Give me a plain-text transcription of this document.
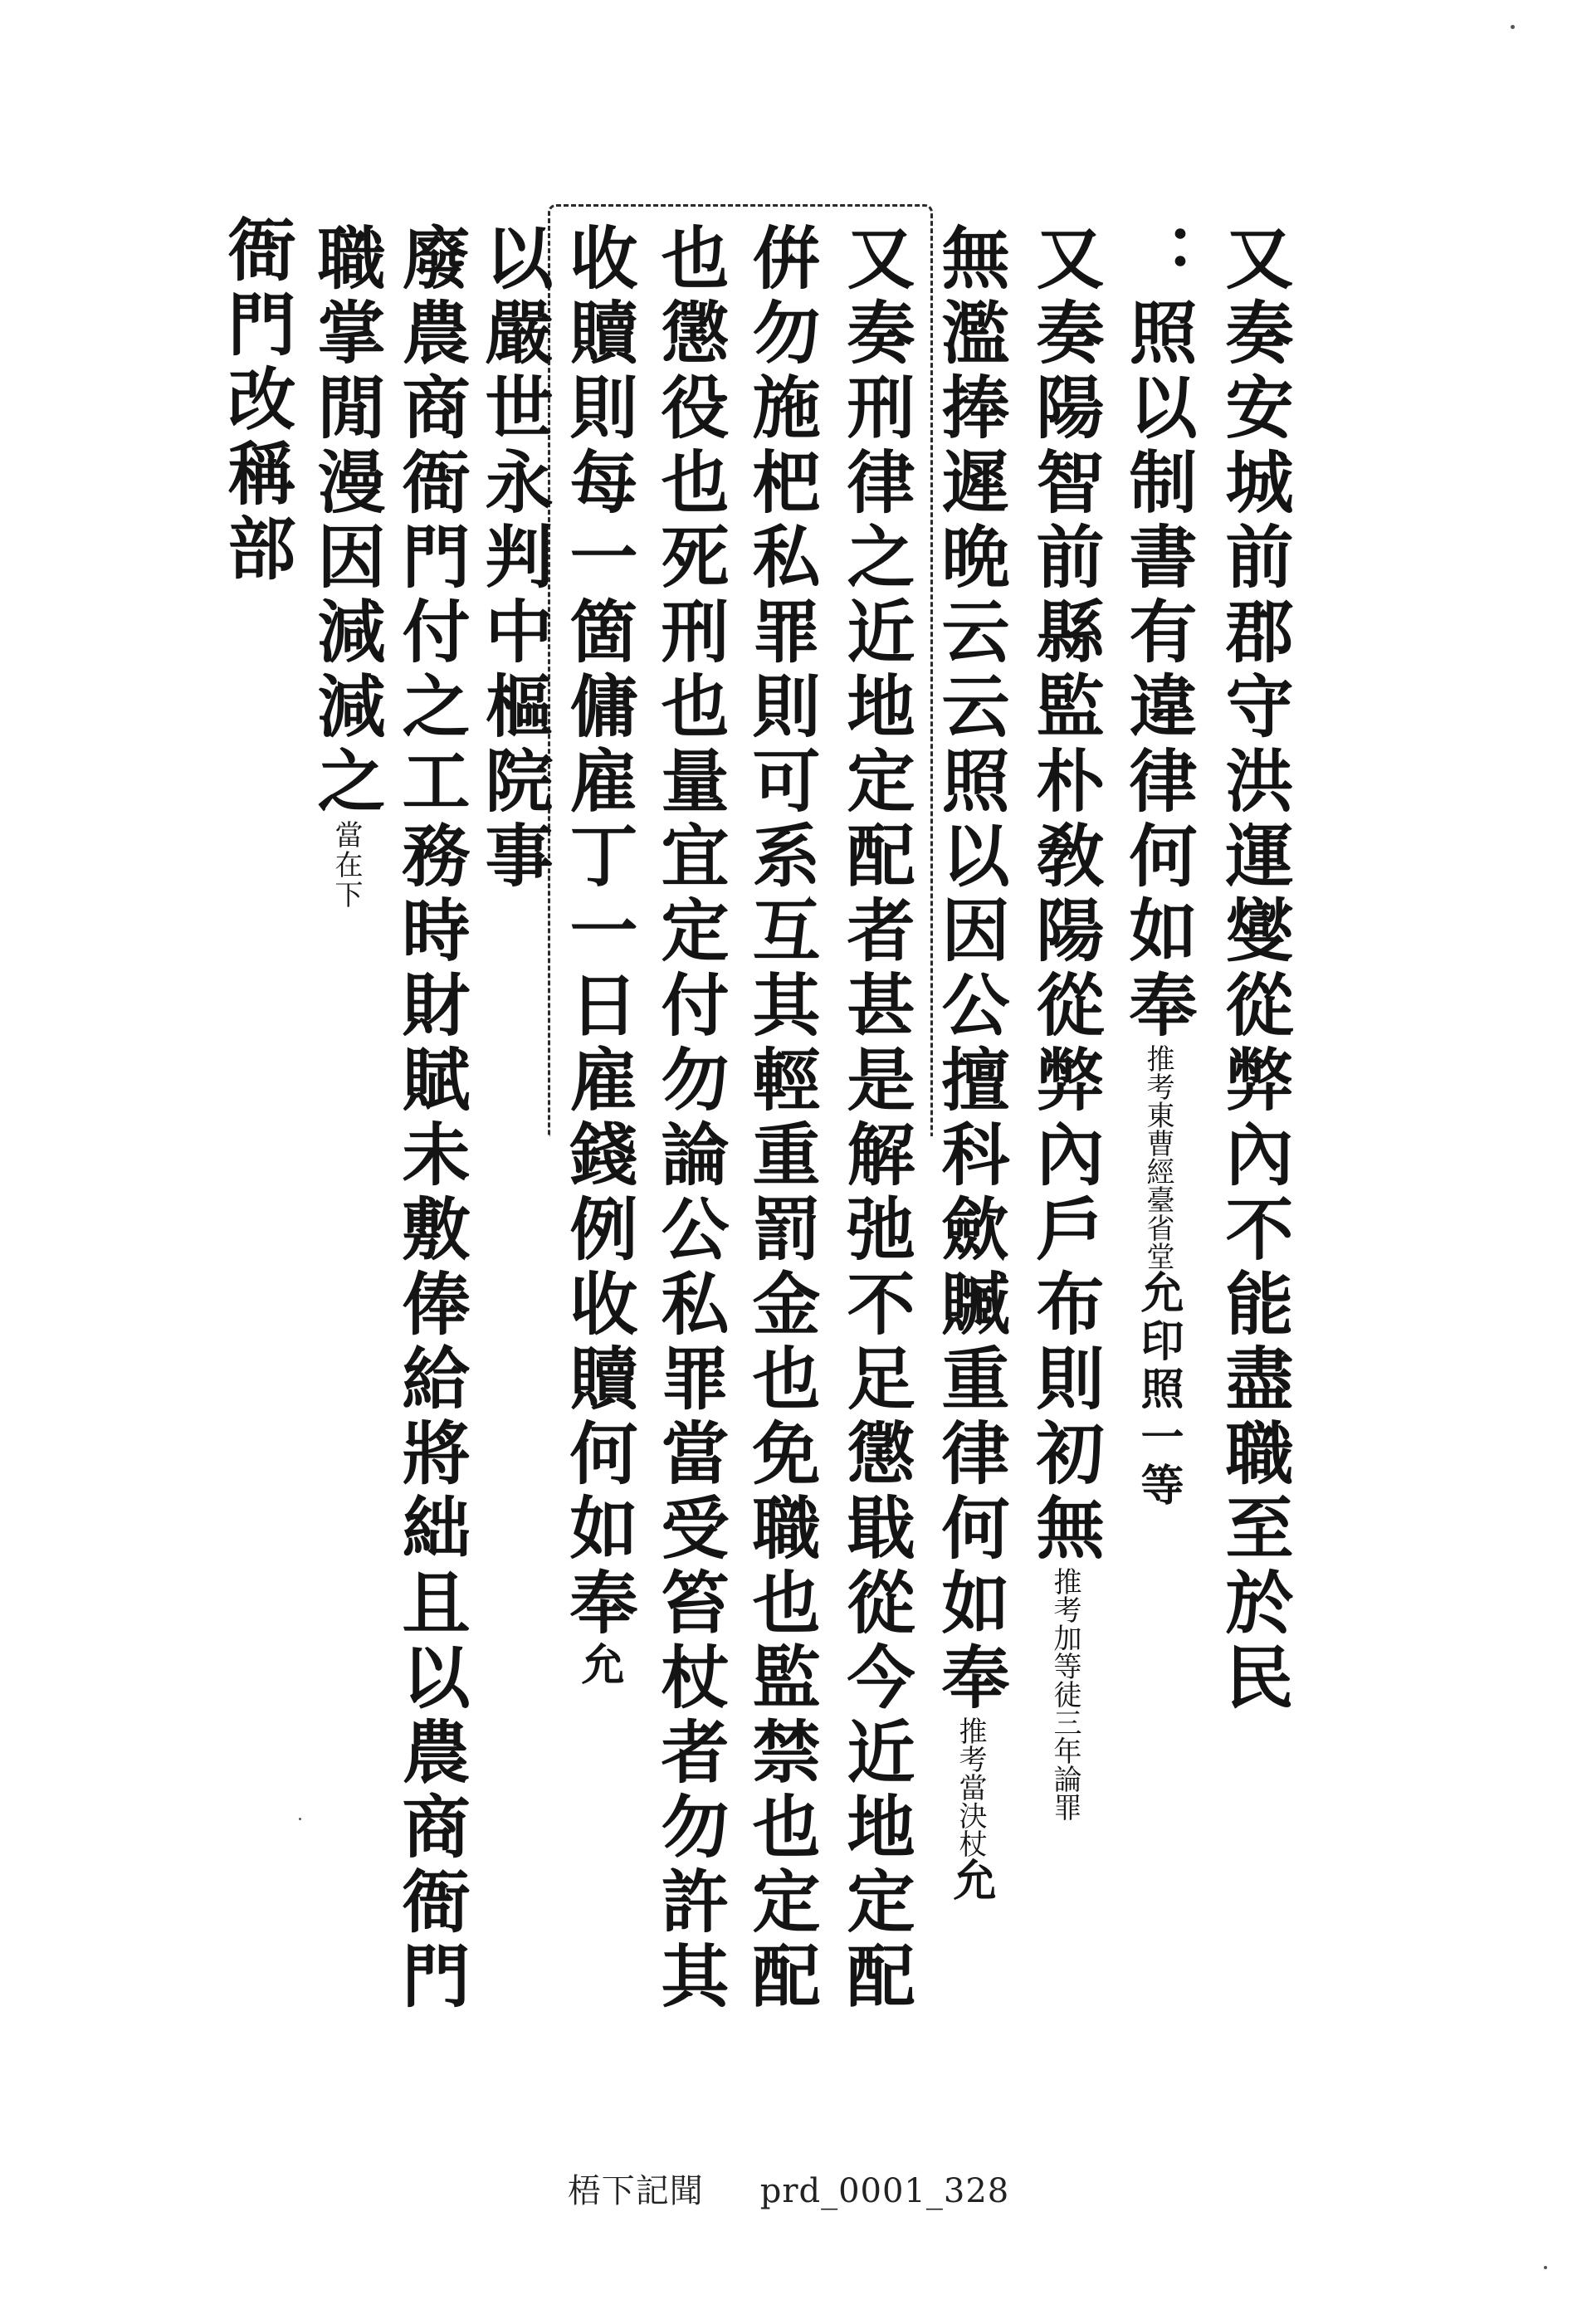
又奏安城前郡守洪運燮從弊內不能盡職至於民
：照以制書有違律何如奉推考東曹經臺省堂允印照一等
又奏陽智前縣監朴敎陽從弊內戶布則初無推考加等徒三年論罪
無濫捧遲晩云云照以因公擅科歛贓重律何如奉推考當決杖允
又奏刑律之近地定配者甚是解弛不足懲戢從今近地定配
倂勿施杷私罪則可系互其輕重罰金也免職也監禁也定配
也懲役也死刑也量宜定付勿論公私罪當受笞杖者勿許其
收贖則每一箇傭雇丁一日雇錢例收贖何如奉允
以嚴世永判中樞院事
廢農商衙門付之工務時財賦未敷俸給將絀且以農商衙門
職掌閒漫因減減之當在下
衙門改稱部
梧下記聞 prd_0001_328
